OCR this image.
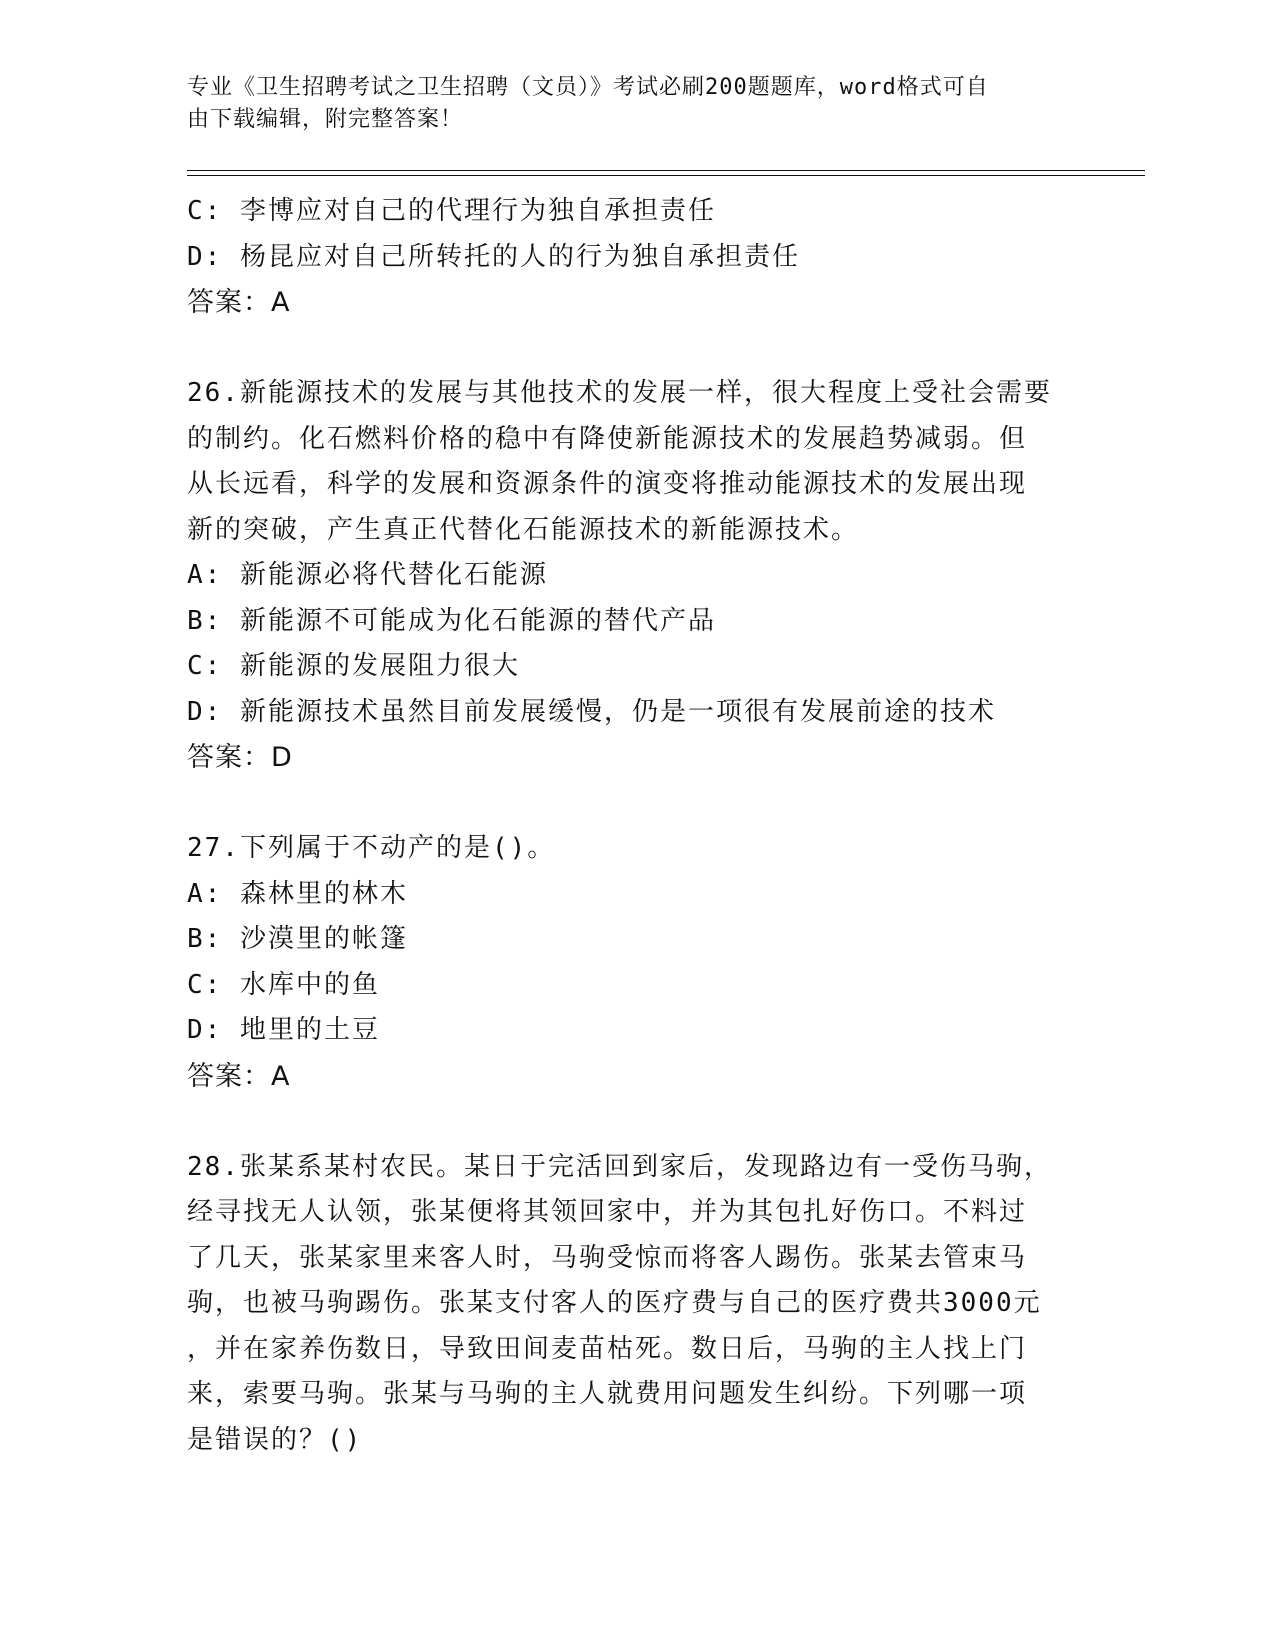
专业《卫生招聘考试之卫生招聘（文员）》考试必刷200题题库，word格式可自
由下载编辑，附完整答案！
C: 李博应对自己的代理行为独自承担责任
D: 杨昆应对自己所转托的人的行为独自承担责任
答案：A
26.新能源技术的发展与其他技术的发展一样，很大程度上受社会需要
的制约。化石燃料价格的稳中有降使新能源技术的发展趋势减弱。但
从长远看，科学的发展和资源条件的演变将推动能源技术的发展出现
新的突破，产生真正代替化石能源技术的新能源技术。
A: 新能源必将代替化石能源
B: 新能源不可能成为化石能源的替代产品
C: 新能源的发展阻力很大
D: 新能源技术虽然目前发展缓慢，仍是一项很有发展前途的技术
答案：D
27.下列属于不动产的是()。
A: 森林里的林木
B: 沙漠里的帐篷
C: 水库中的鱼
D: 地里的土豆
答案：A
28.张某系某村农民。某日于完活回到家后，发现路边有一受伤马驹，
经寻找无人认领，张某便将其领回家中，并为其包扎好伤口。不料过
了几天，张某家里来客人时，马驹受惊而将客人踢伤。张某去管束马
驹，也被马驹踢伤。张某支付客人的医疗费与自己的医疗费共3000元
，并在家养伤数日，导致田间麦苗枯死。数日后，马驹的主人找上门
来，索要马驹。张某与马驹的主人就费用问题发生纠纷。下列哪一项
是错误的？()
